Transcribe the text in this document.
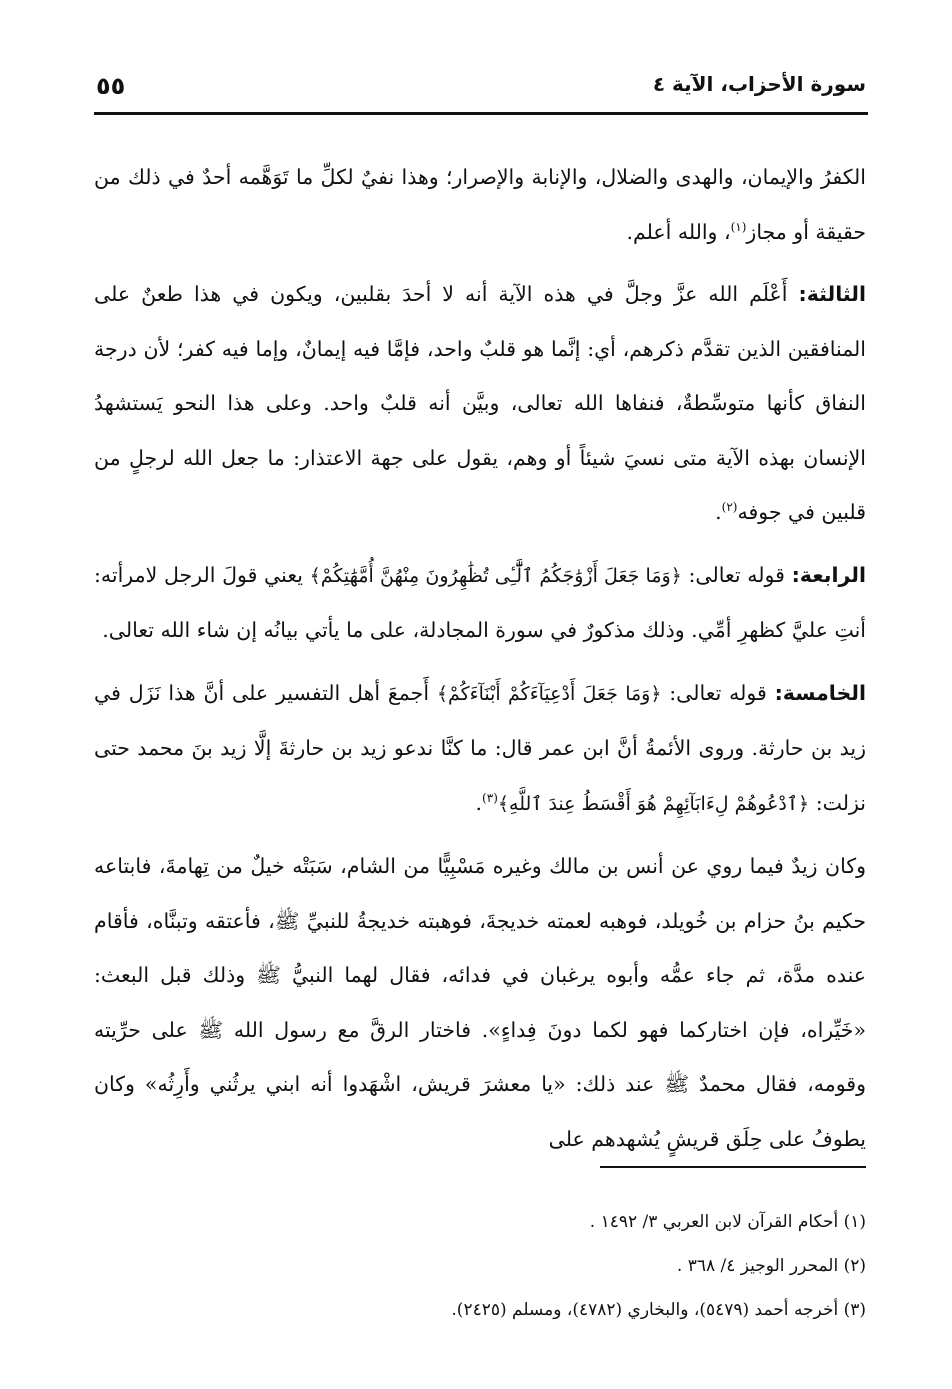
سورة الأحزاب، الآية ٤
٥٥

الكفرُ والإيمان، والهدى والضلال، والإنابة والإصرار؛ وهذا نفيٌ لكلِّ ما تَوَهَّمه أحدٌ في ذلك من حقيقة أو مجاز$^{(١)}$، والله أعلم.

الثالثة: أَعْلَم الله عزَّ وجلَّ في هذه الآية أنه لا أحدَ بقلبين، ويكون في هذا طعنٌ على المنافقين الذين تقدَّم ذكرهم، أي: إنَّما هو قلبٌ واحد، فإمَّا فيه إيمانٌ، وإما فيه كفر؛ لأن درجة النفاق كأنها متوسِّطةٌ، فنفاها الله تعالى، وبيَّن أنه قلبٌ واحد. وعلى هذا النحو يَستشهدُ الإنسان بهذه الآية متى نسيَ شيئاً أو وهم، يقول على جهة الاعتذار: ما جعل الله لرجلٍ من قلبين في جوفه$^{(٢)}$.

الرابعة: قوله تعالى: ﴿وَمَا جَعَلَ أَزْوَٰجَكُمُ ٱلَّٰٓـِٔى تُظَٰهِرُونَ مِنْهُنَّ أُمَّهَٰتِكُمْ﴾ يعني قولَ الرجل لامرأته: أنتِ عليَّ كظهرِ أمِّي. وذلك مذكورٌ في سورة المجادلة، على ما يأتي بيانُه إن شاء الله تعالى.

الخامسة: قوله تعالى: ﴿وَمَا جَعَلَ أَدْعِيَآءَكُمْ أَبْنَآءَكُمْ﴾ أَجمعَ أهل التفسير على أنَّ هذا نَزَل في زيد بن حارثة. وروى الأئمةُ أنَّ ابن عمر قال: ما كنَّا ندعو زيد بن حارثةَ إلَّا زيد بنَ محمد حتى نزلت: ﴿ٱدْعُوهُمْ لِءَابَآئِهِمْ هُوَ أَقْسَطُ عِندَ ٱللَّهِ﴾$^{(٣)}$.

وكان زيدٌ فيما روي عن أنس بن مالك وغيره مَسْبِيًّا من الشام، سَبَتْه خيلٌ من تِهامةَ، فابتاعه حكيم بنُ حزام بن خُويلد، فوهبه لعمته خديجةَ، فوهبته خديجةُ للنبيِّ ﷺ، فأعتقه وتبنَّاه، فأقام عنده مدَّة، ثم جاء عمُّه وأبوه يرغبان في فدائه، فقال لهما النبيُّ ﷺ وذلك قبل البعث: «خَيِّراه، فإن اختاركما فهو لكما دونَ فِداءٍ». فاختار الرقَّ مع رسول الله ﷺ على حرِّيته وقومه، فقال محمدٌ ﷺ عند ذلك: «يا معشرَ قريش، اشْهَدوا أنه ابني يرثُني وأَرِثُه» وكان يطوفُ على حِلَق قريشٍ يُشهدهم على

(١) أحكام القرآن لابن العربي ٣/ ١٤٩٢ .
(٢) المحرر الوجيز ٤/ ٣٦٨ .
(٣) أخرجه أحمد (٥٤٧٩)، والبخاري (٤٧٨٢)، ومسلم (٢٤٢٥).
